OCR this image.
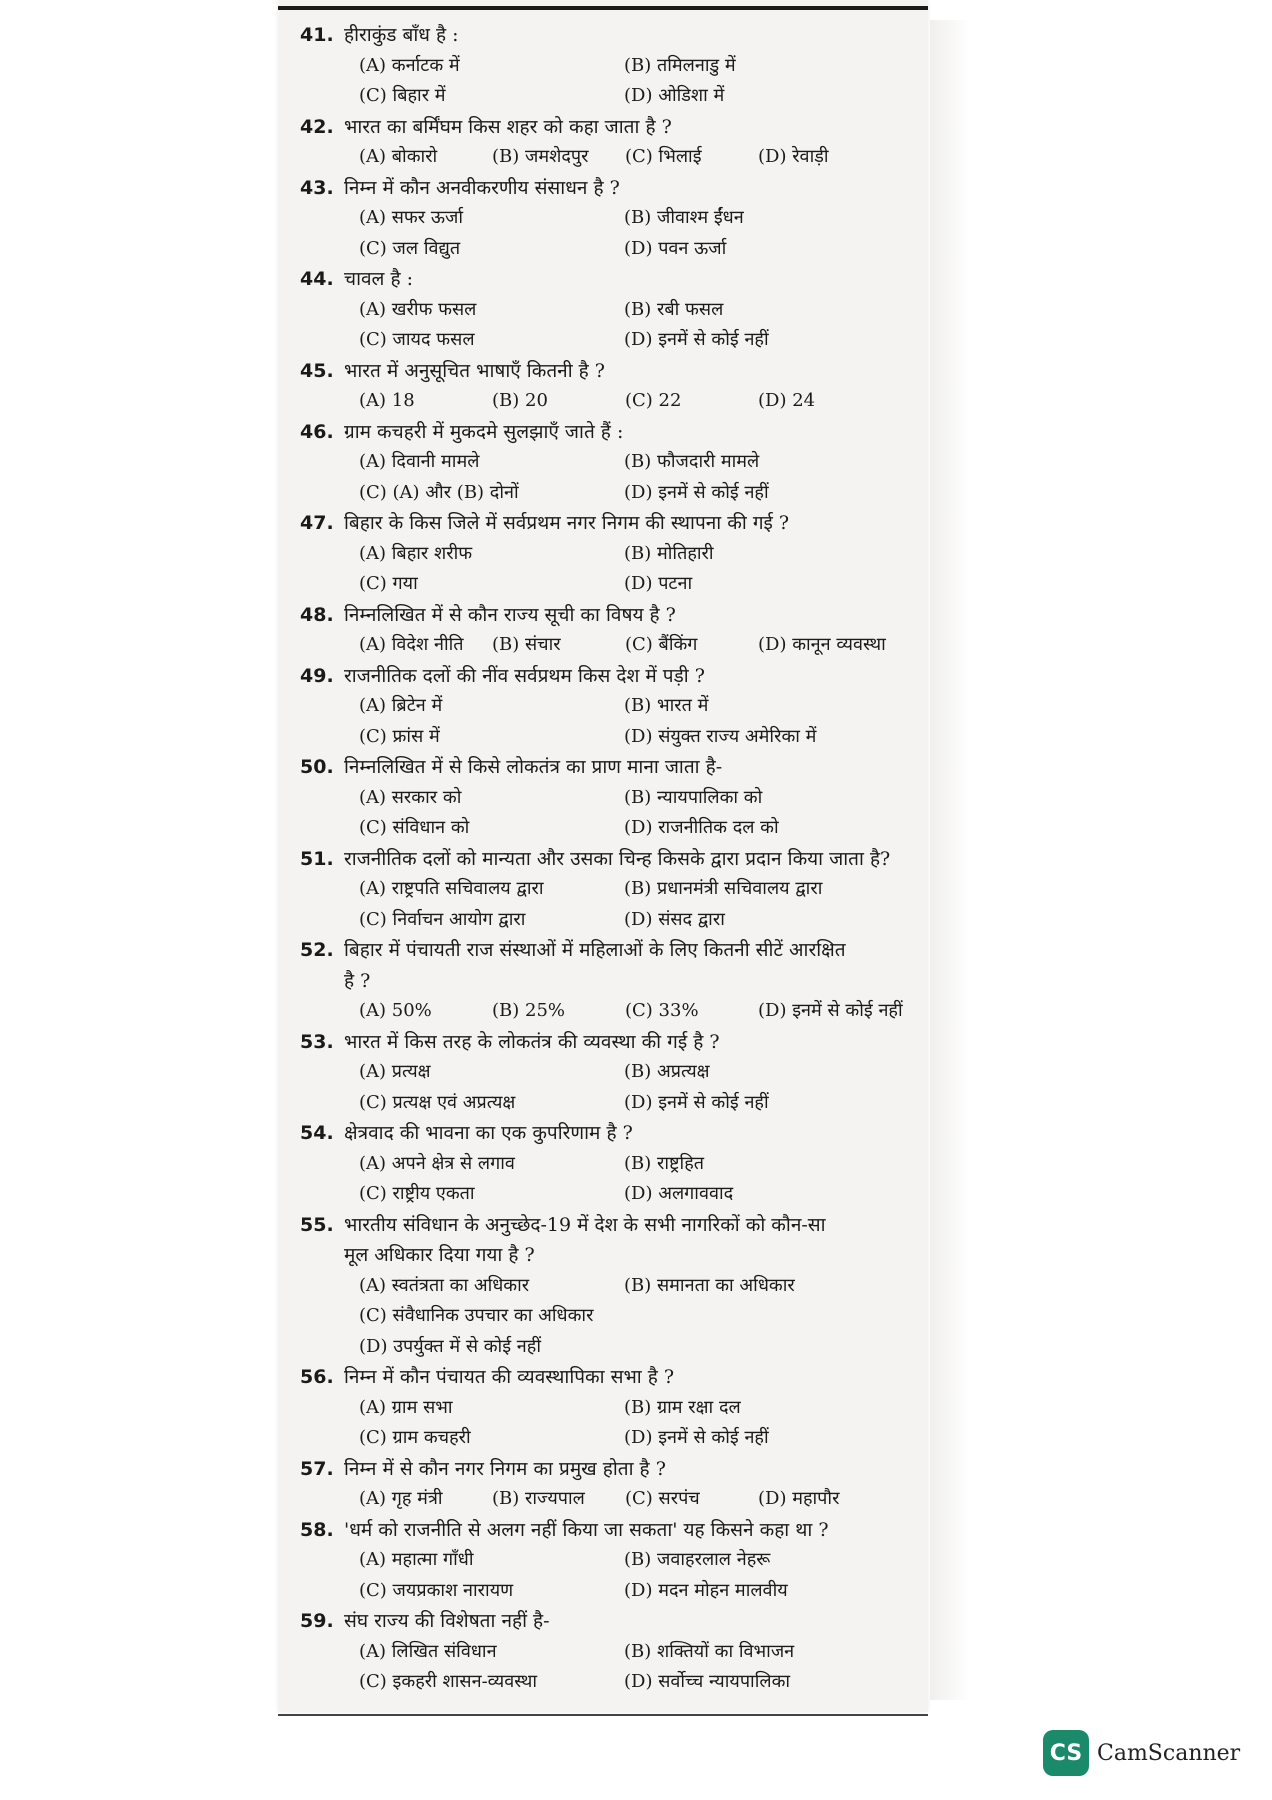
41. हीराकुंड बाँध है :
(A) कर्नाटक में	(B) तमिलनाडु में
(C) बिहार में	(D) ओडिशा में
42. भारत का बर्मिंघम किस शहर को कहा जाता है ?
(A) बोकारो	(B) जमशेदपुर	(C) भिलाई	(D) रेवाड़ी
43. निम्न में कौन अनवीकरणीय संसाधन है ?
(A) सफर ऊर्जा	(B) जीवाश्म ईंधन
(C) जल विद्युत	(D) पवन ऊर्जा
44. चावल है :
(A) खरीफ फसल	(B) रबी फसल
(C) जायद फसल	(D) इनमें से कोई नहीं
45. भारत में अनुसूचित भाषाएँ कितनी है ?
(A) 18	(B) 20	(C) 22	(D) 24
46. ग्राम कचहरी में मुकदमे सुलझाएँ जाते हैं :
(A) दिवानी मामले	(B) फौजदारी मामले
(C) (A) और (B) दोनों	(D) इनमें से कोई नहीं
47. बिहार के किस जिले में सर्वप्रथम नगर निगम की स्थापना की गई ?
(A) बिहार शरीफ	(B) मोतिहारी
(C) गया	(D) पटना
48. निम्नलिखित में से कौन राज्य सूची का विषय है ?
(A) विदेश नीति	(B) संचार	(C) बैंकिंग	(D) कानून व्यवस्था
49. राजनीतिक दलों की नींव सर्वप्रथम किस देश में पड़ी ?
(A) ब्रिटेन में	(B) भारत में
(C) फ्रांस में	(D) संयुक्त राज्य अमेरिका में
50. निम्नलिखित में से किसे लोकतंत्र का प्राण माना जाता है-
(A) सरकार को	(B) न्यायपालिका को
(C) संविधान को	(D) राजनीतिक दल को
51. राजनीतिक दलों को मान्यता और उसका चिन्ह किसके द्वारा प्रदान किया जाता है?
(A) राष्ट्रपति सचिवालय द्वारा	(B) प्रधानमंत्री सचिवालय द्वारा
(C) निर्वाचन आयोग द्वारा	(D) संसद द्वारा
52. बिहार में पंचायती राज संस्थाओं में महिलाओं के लिए कितनी सीटें आरक्षित
है ?
(A) 50%	(B) 25%	(C) 33%	(D) इनमें से कोई नहीं
53. भारत में किस तरह के लोकतंत्र की व्यवस्था की गई है ?
(A) प्रत्यक्ष	(B) अप्रत्यक्ष
(C) प्रत्यक्ष एवं अप्रत्यक्ष	(D) इनमें से कोई नहीं
54. क्षेत्रवाद की भावना का एक कुपरिणाम है ?
(A) अपने क्षेत्र से लगाव	(B) राष्ट्रहित
(C) राष्ट्रीय एकता	(D) अलगाववाद
55. भारतीय संविधान के अनुच्छेद-19 में देश के सभी नागरिकों को कौन-सा
मूल अधिकार दिया गया है ?
(A) स्वतंत्रता का अधिकार	(B) समानता का अधिकार
(C) संवैधानिक उपचार का अधिकार
(D) उपर्युक्त में से कोई नहीं
56. निम्न में कौन पंचायत की व्यवस्थापिका सभा है ?
(A) ग्राम सभा	(B) ग्राम रक्षा दल
(C) ग्राम कचहरी	(D) इनमें से कोई नहीं
57. निम्न में से कौन नगर निगम का प्रमुख होता है ?
(A) गृह मंत्री	(B) राज्यपाल	(C) सरपंच	(D) महापौर
58. 'धर्म को राजनीति से अलग नहीं किया जा सकता' यह किसने कहा था ?
(A) महात्मा गाँधी	(B) जवाहरलाल नेहरू
(C) जयप्रकाश नारायण	(D) मदन मोहन मालवीय
59. संघ राज्य की विशेषता नहीं है-
(A) लिखित संविधान	(B) शक्तियों का विभाजन
(C) इकहरी शासन-व्यवस्था	(D) सर्वोच्च न्यायपालिका
CS CamScanner
